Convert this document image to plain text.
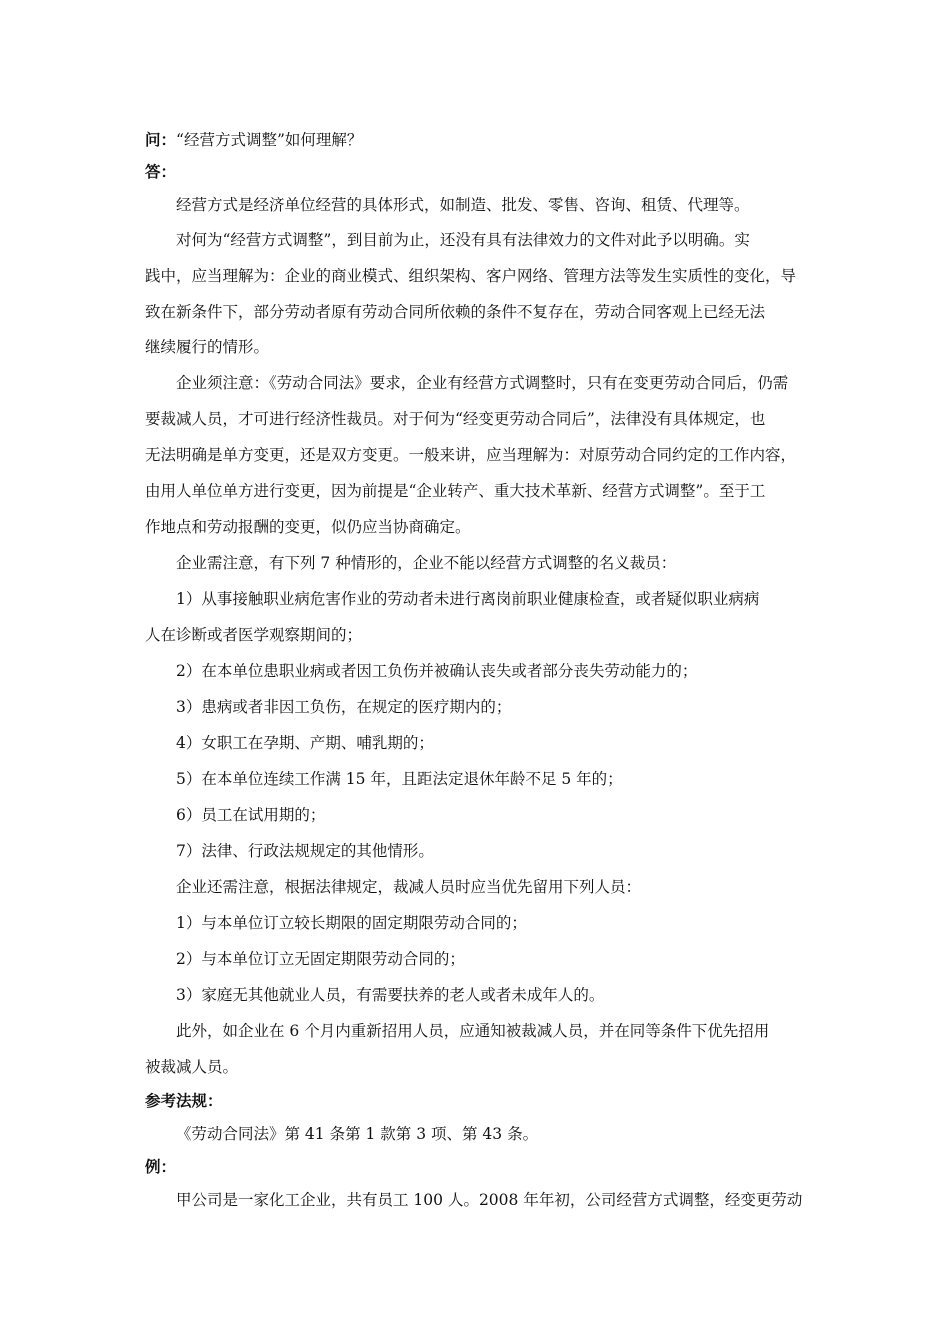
问：“经营方式调整”如何理解？
答：
经营方式是经济单位经营的具体形式，如制造、批发、零售、咨询、租赁、代理等。
对何为“经营方式调整”，到目前为止，还没有具有法律效力的文件对此予以明确。实
践中，应当理解为：企业的商业模式、组织架构、客户网络、管理方法等发生实质性的变化，导
致在新条件下，部分劳动者原有劳动合同所依赖的条件不复存在，劳动合同客观上已经无法
继续履行的情形。
企业须注意：《劳动合同法》要求，企业有经营方式调整时，只有在变更劳动合同后，仍需
要裁减人员，才可进行经济性裁员。对于何为“经变更劳动合同后”，法律没有具体规定，也
无法明确是单方变更，还是双方变更。一般来讲，应当理解为：对原劳动合同约定的工作内容，
由用人单位单方进行变更，因为前提是“企业转产、重大技术革新、经营方式调整”。至于工
作地点和劳动报酬的变更，似仍应当协商确定。
企业需注意，有下列 7 种情形的，企业不能以经营方式调整的名义裁员：
1）从事接触职业病危害作业的劳动者未进行离岗前职业健康检查，或者疑似职业病病
人在诊断或者医学观察期间的；
2）在本单位患职业病或者因工负伤并被确认丧失或者部分丧失劳动能力的；
3）患病或者非因工负伤，在规定的医疗期内的；
4）女职工在孕期、产期、哺乳期的；
5）在本单位连续工作满 15 年，且距法定退休年龄不足 5 年的；
6）员工在试用期的；
7）法律、行政法规规定的其他情形。
企业还需注意，根据法律规定，裁减人员时应当优先留用下列人员：
1）与本单位订立较长期限的固定期限劳动合同的；
2）与本单位订立无固定期限劳动合同的；
3）家庭无其他就业人员，有需要扶养的老人或者未成年人的。
此外，如企业在 6 个月内重新招用人员，应通知被裁减人员，并在同等条件下优先招用
被裁减人员。
参考法规：
《劳动合同法》第 41 条第 1 款第 3 项、第 43 条。
例：
甲公司是一家化工企业，共有员工 100 人。2008 年年初，公司经营方式调整，经变更劳动
